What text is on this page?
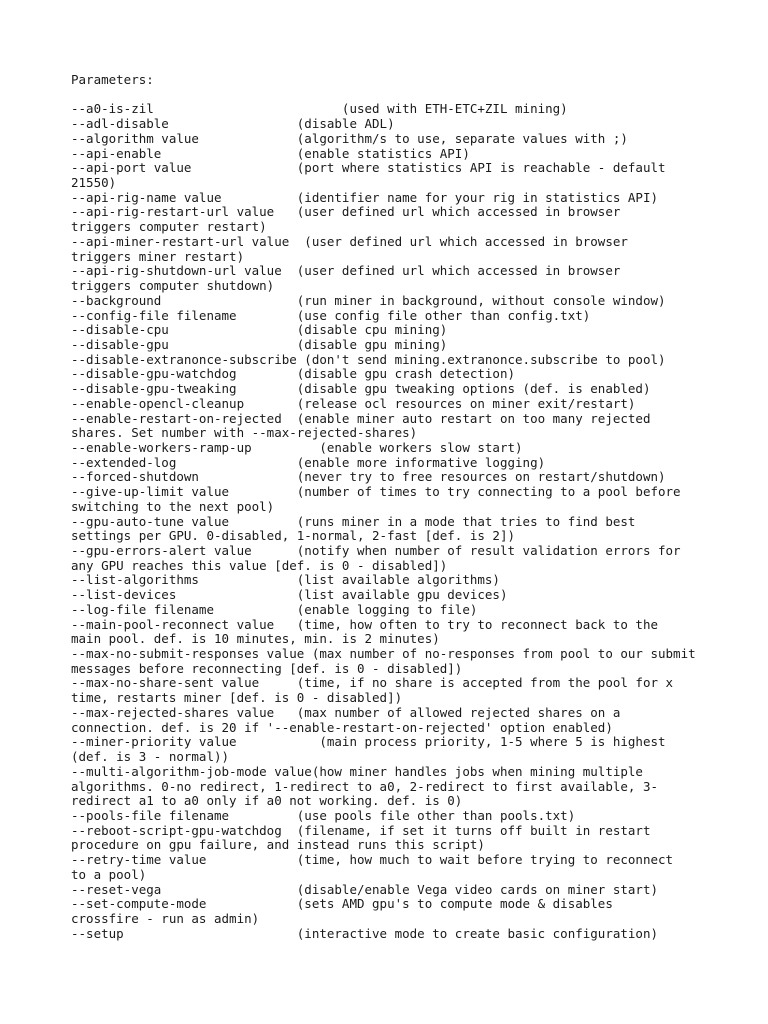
Parameters:

--a0-is-zil                         (used with ETH-ETC+ZIL mining)
--adl-disable                 (disable ADL)
--algorithm value             (algorithm/s to use, separate values with ;)
--api-enable                  (enable statistics API)
--api-port value              (port where statistics API is reachable - default
21550)
--api-rig-name value          (identifier name for your rig in statistics API)
--api-rig-restart-url value   (user defined url which accessed in browser
triggers computer restart)
--api-miner-restart-url value  (user defined url which accessed in browser
triggers miner restart)
--api-rig-shutdown-url value  (user defined url which accessed in browser
triggers computer shutdown)
--background                  (run miner in background, without console window)
--config-file filename        (use config file other than config.txt)
--disable-cpu                 (disable cpu mining)
--disable-gpu                 (disable gpu mining)
--disable-extranonce-subscribe (don't send mining.extranonce.subscribe to pool)
--disable-gpu-watchdog        (disable gpu crash detection)
--disable-gpu-tweaking        (disable gpu tweaking options (def. is enabled)
--enable-opencl-cleanup       (release ocl resources on miner exit/restart)
--enable-restart-on-rejected  (enable miner auto restart on too many rejected
shares. Set number with --max-rejected-shares)
--enable-workers-ramp-up         (enable workers slow start)
--extended-log                (enable more informative logging)
--forced-shutdown             (never try to free resources on restart/shutdown)
--give-up-limit value         (number of times to try connecting to a pool before
switching to the next pool)
--gpu-auto-tune value         (runs miner in a mode that tries to find best
settings per GPU. 0-disabled, 1-normal, 2-fast [def. is 2])
--gpu-errors-alert value      (notify when number of result validation errors for
any GPU reaches this value [def. is 0 - disabled])
--list-algorithms             (list available algorithms)
--list-devices                (list available gpu devices)
--log-file filename           (enable logging to file)
--main-pool-reconnect value   (time, how often to try to reconnect back to the
main pool. def. is 10 minutes, min. is 2 minutes)
--max-no-submit-responses value (max number of no-responses from pool to our submit
messages before reconnecting [def. is 0 - disabled])
--max-no-share-sent value     (time, if no share is accepted from the pool for x
time, restarts miner [def. is 0 - disabled])
--max-rejected-shares value   (max number of allowed rejected shares on a
connection. def. is 20 if '--enable-restart-on-rejected' option enabled)
--miner-priority value           (main process priority, 1-5 where 5 is highest
(def. is 3 - normal))
--multi-algorithm-job-mode value(how miner handles jobs when mining multiple
algorithms. 0-no redirect, 1-redirect to a0, 2-redirect to first available, 3-
redirect a1 to a0 only if a0 not working. def. is 0)
--pools-file filename         (use pools file other than pools.txt)
--reboot-script-gpu-watchdog  (filename, if set it turns off built in restart
procedure on gpu failure, and instead runs this script)
--retry-time value            (time, how much to wait before trying to reconnect
to a pool)
--reset-vega                  (disable/enable Vega video cards on miner start)
--set-compute-mode            (sets AMD gpu's to compute mode & disables
crossfire - run as admin)
--setup                       (interactive mode to create basic configuration)
